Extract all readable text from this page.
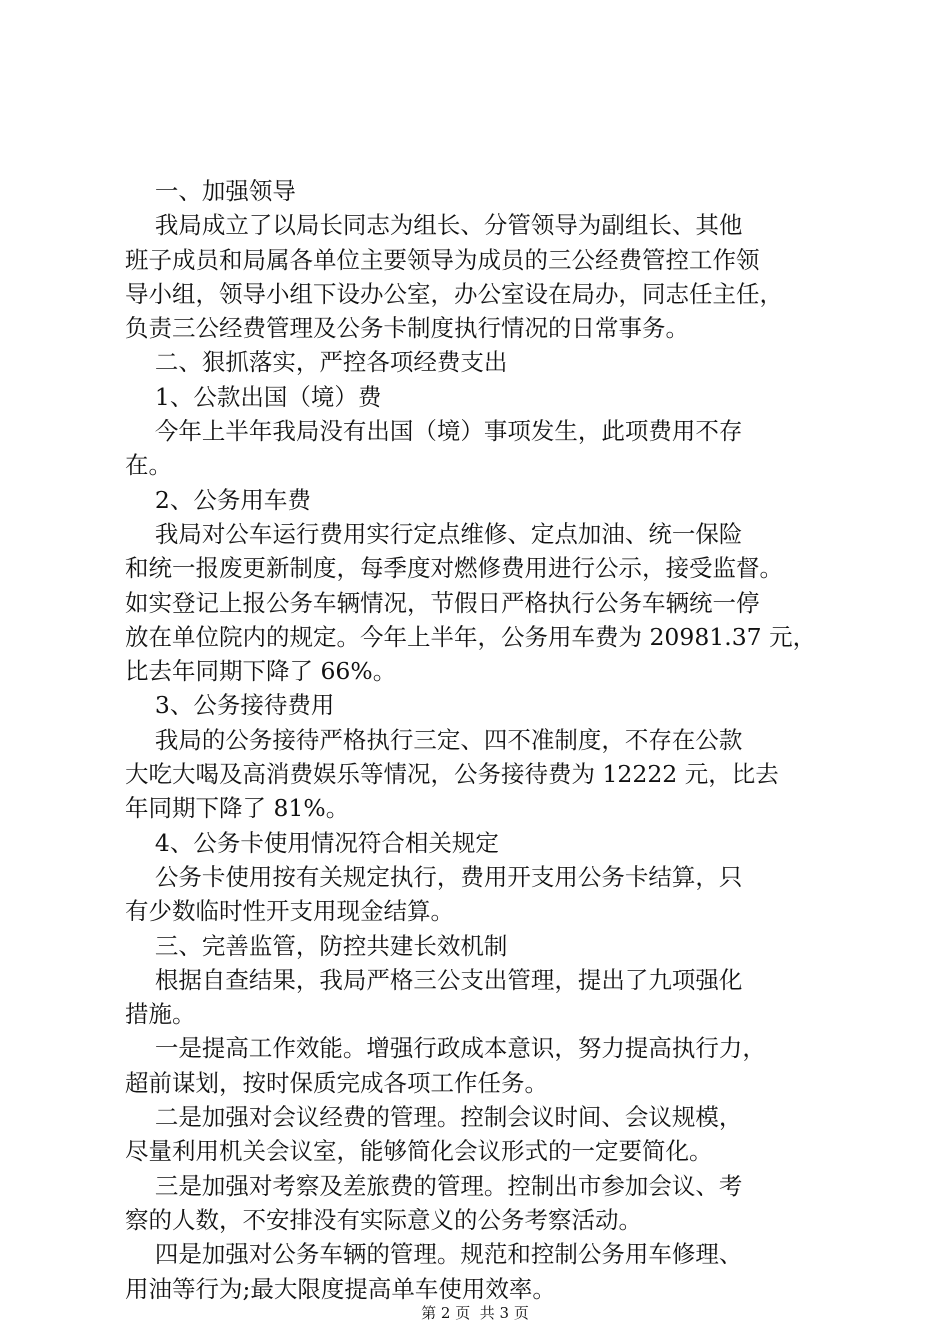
一、加强领导

我局成立了以局长同志为组长、分管领导为副组长、其他

班子成员和局属各单位主要领导为成员的三公经费管控工作领

导小组，领导小组下设办公室，办公室设在局办，同志任主任，

负责三公经费管理及公务卡制度执行情况的日常事务。

二、狠抓落实，严控各项经费支出

1、公款出国（境）费

今年上半年我局没有出国（境）事项发生，此项费用不存

在。

2、公务用车费

我局对公车运行费用实行定点维修、定点加油、统一保险

和统一报废更新制度，每季度对燃修费用进行公示，接受监督。

如实登记上报公务车辆情况，节假日严格执行公务车辆统一停

放在单位院内的规定。今年上半年，公务用车费为 20981.37 元，

比去年同期下降了 66%。

3、公务接待费用

我局的公务接待严格执行三定、四不准制度，不存在公款

大吃大喝及高消费娱乐等情况，公务接待费为 12222 元，比去

年同期下降了 81%。

4、公务卡使用情况符合相关规定

公务卡使用按有关规定执行，费用开支用公务卡结算，只

有少数临时性开支用现金结算。

三、完善监管，防控共建长效机制

根据自查结果，我局严格三公支出管理，提出了九项强化

措施。

一是提高工作效能。增强行政成本意识，努力提高执行力，

超前谋划，按时保质完成各项工作任务。

二是加强对会议经费的管理。控制会议时间、会议规模，

尽量利用机关会议室，能够简化会议形式的一定要简化。

三是加强对考察及差旅费的管理。控制出市参加会议、考

察的人数，不安排没有实际意义的公务考察活动。

四是加强对公务车辆的管理。规范和控制公务用车修理、

用油等行为;最大限度提高单车使用效率。

第 2 页  共 3 页
